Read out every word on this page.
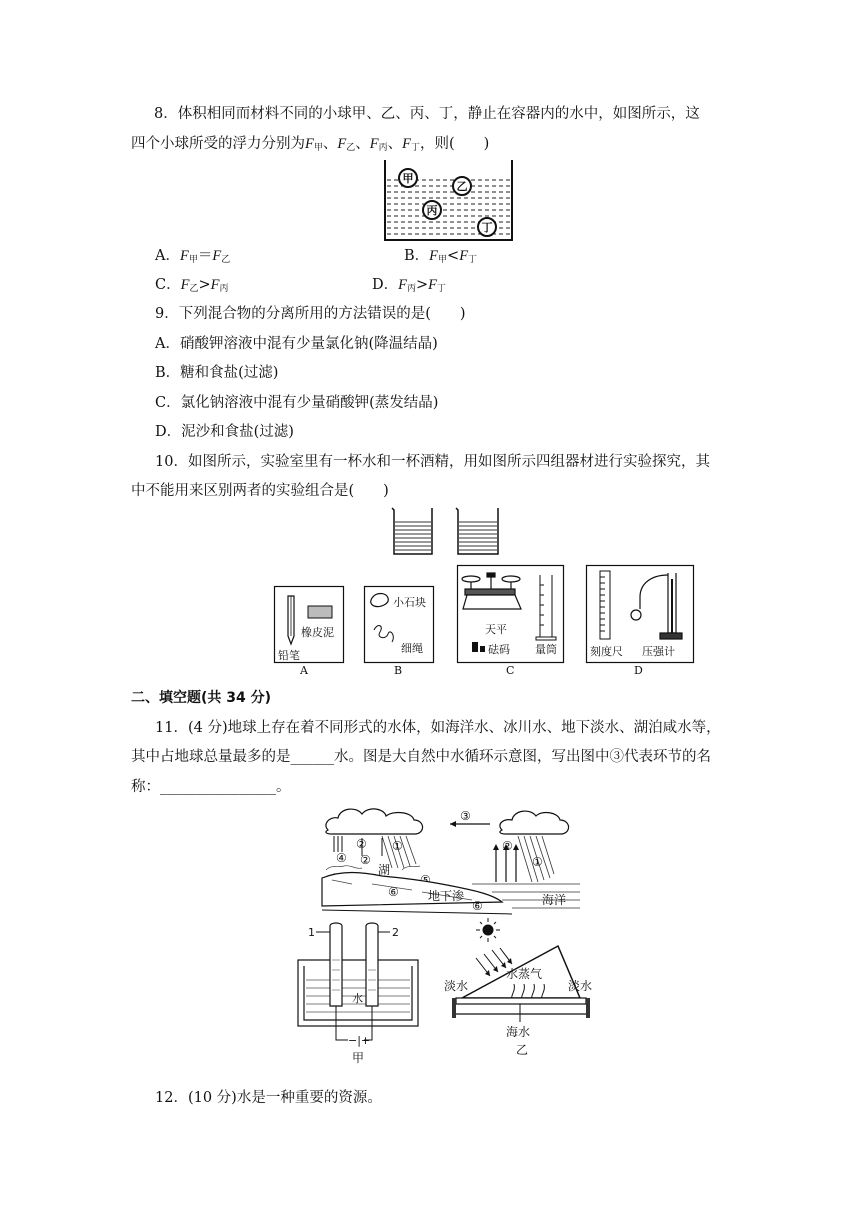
8．体积相同而材料不同的小球甲、乙、丙、丁，静止在容器内的水中，如图所示，这
四个小球所受的浮力分别为$F_甲$、$F_乙$、$F_丙$、$F_丁$，则(　　)
甲
乙
丙
丁
A．$F_甲=F_乙$	B．$F_甲<F_丁$
C．$F_乙>F_丙$	D．$F_丙>F_丁$
9．下列混合物的分离所用的方法错误的是(　　)
A．硝酸钾溶液中混有少量氯化钠(降温结晶)
B．糖和食盐(过滤)
C．氯化钠溶液中混有少量硝酸钾(蒸发结晶)
D．泥沙和食盐(过滤)
10．如图所示，实验室里有一杯水和一杯酒精，用如图所示四组器材进行实验探究，其
中不能用来区别两者的实验组合是(　　)
橡皮泥
铅笔
A
小石块
细绳
B
天平
砝码 量筒
C
刻度尺 压强计
D
二、填空题(共 34 分)
11．(4 分)地球上存在着不同形式的水体，如海洋水、冰川水、地下淡水、湖泊咸水等，
其中占地球总量最多的是______水。图是大自然中水循环示意图，写出图中③代表环节的名
称：________________。
③
②
①
④
②
②
湖
①
⑤
⑥ 地下渗
⑥	海洋
1	2
水
−|+
甲
水蒸气
淡水	淡水
海水
乙
12．(10 分)水是一种重要的资源。
